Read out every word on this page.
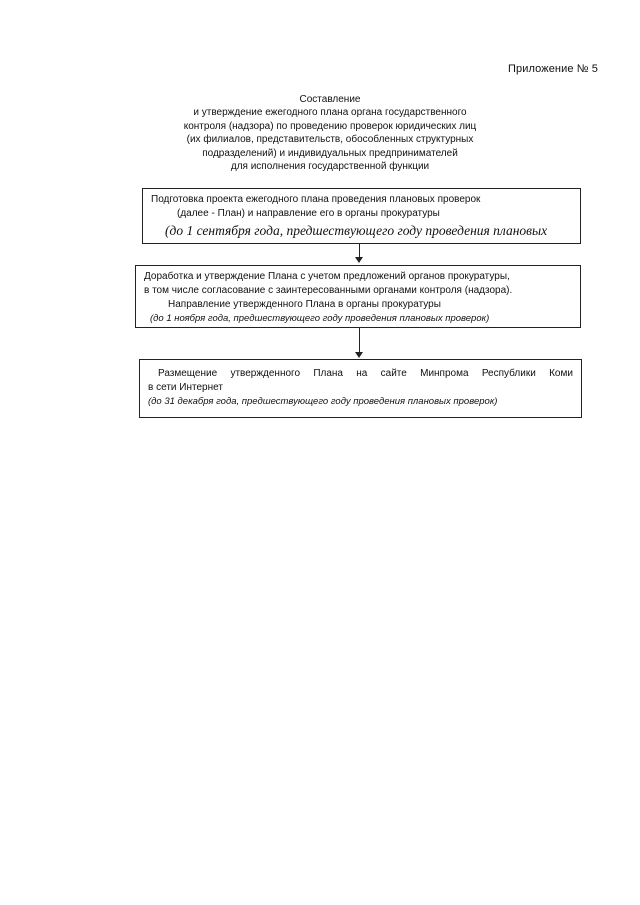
Приложение № 5
Составление
и утверждение ежегодного плана органа государственного
контроля (надзора) по проведению проверок юридических лиц
(их филиалов, представительств, обособленных структурных
подразделений) и индивидуальных предпринимателей
для исполнения государственной функции
Подготовка проекта ежегодного плана проведения плановых проверок
(далее - План) и направление его в органы прокуратуры
(до 1 сентября года, предшествующего году проведения плановых
Доработка и утверждение Плана с учетом предложений органов прокуратуры,
в том числе согласование с заинтересованными органами контроля (надзора).
Направление утвержденного Плана в органы прокуратуры
(до 1 ноября года, предшествующего году проведения плановых проверок)
Размещение утвержденного Плана на сайте Минпрома Республики Коми
в сети Интернет
(до 31 декабря года, предшествующего году проведения плановых проверок)
